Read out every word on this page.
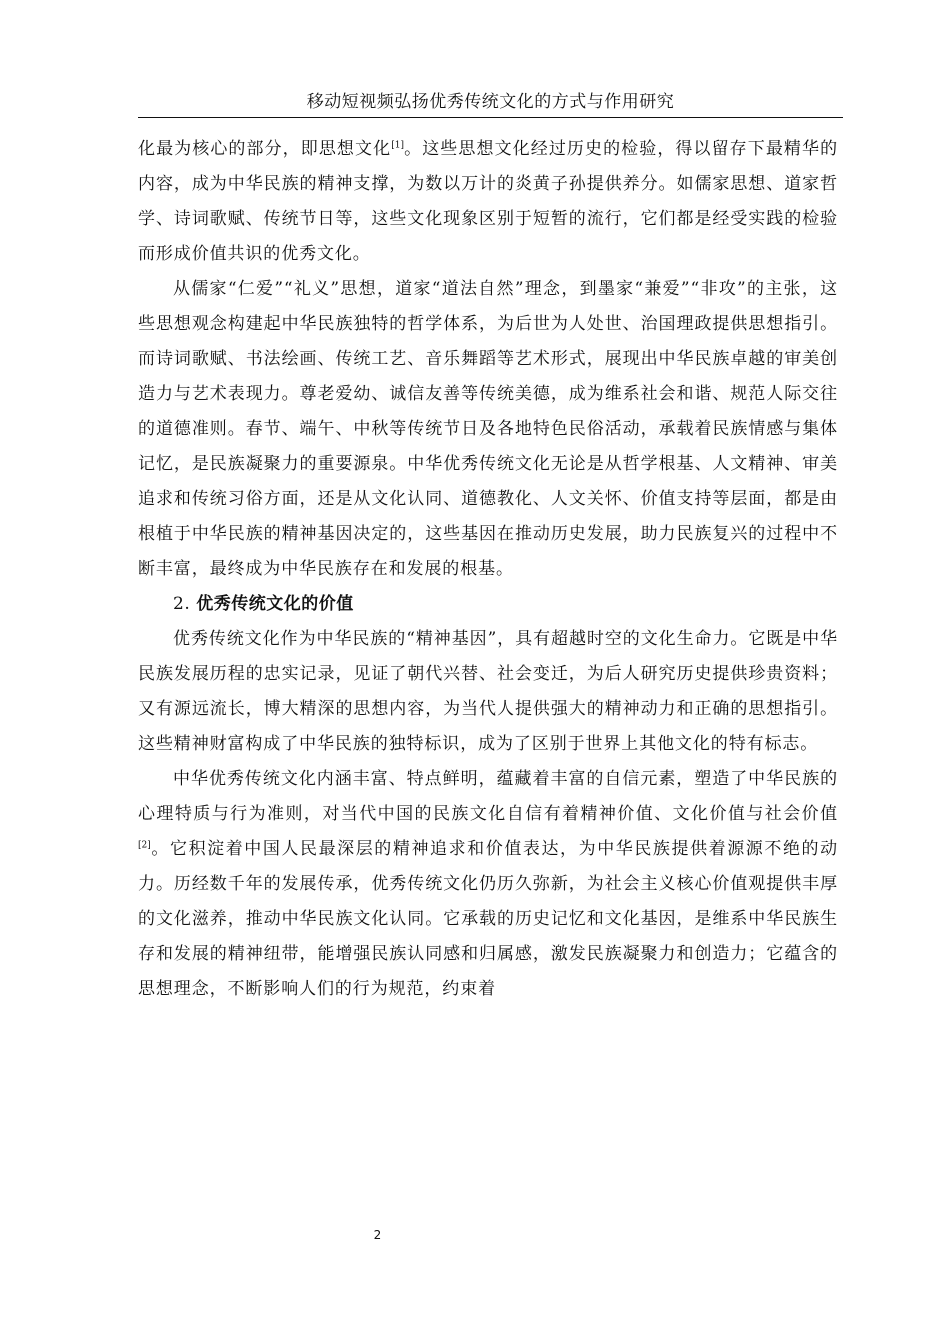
移动短视频弘扬优秀传统文化的方式与作用研究

化最为核心的部分，即思想文化[1]。这些思想文化经过历史的检验，得以留存下最精华的内容，成为中华民族的精神支撑，为数以万计的炎黄子孙提供养分。如儒家思想、道家哲学、诗词歌赋、传统节日等，这些文化现象区别于短暂的流行，它们都是经受实践的检验而形成价值共识的优秀文化。

从儒家“仁爱”“礼义”思想，道家“道法自然”理念，到墨家“兼爱”“非攻”的主张，这些思想观念构建起中华民族独特的哲学体系，为后世为人处世、治国理政提供思想指引。而诗词歌赋、书法绘画、传统工艺、音乐舞蹈等艺术形式，展现出中华民族卓越的审美创造力与艺术表现力。尊老爱幼、诚信友善等传统美德，成为维系社会和谐、规范人际交往的道德准则。春节、端午、中秋等传统节日及各地特色民俗活动，承载着民族情感与集体记忆，是民族凝聚力的重要源泉。中华优秀传统文化无论是从哲学根基、人文精神、审美追求和传统习俗方面，还是从文化认同、道德教化、人文关怀、价值支持等层面，都是由根植于中华民族的精神基因决定的，这些基因在推动历史发展，助力民族复兴的过程中不断丰富，最终成为中华民族存在和发展的根基。

2. 优秀传统文化的价值

优秀传统文化作为中华民族的“精神基因”，具有超越时空的文化生命力。它既是中华民族发展历程的忠实记录，见证了朝代兴替、社会变迁，为后人研究历史提供珍贵资料；又有源远流长，博大精深的思想内容，为当代人提供强大的精神动力和正确的思想指引。这些精神财富构成了中华民族的独特标识，成为了区别于世界上其他文化的特有标志。

中华优秀传统文化内涵丰富、特点鲜明，蕴藏着丰富的自信元素，塑造了中华民族的心理特质与行为准则，对当代中国的民族文化自信有着精神价值、文化价值与社会价值[2]。它积淀着中国人民最深层的精神追求和价值表达，为中华民族提供着源源不绝的动力。历经数千年的发展传承，优秀传统文化仍历久弥新，为社会主义核心价值观提供丰厚的文化滋养，推动中华民族文化认同。它承载的历史记忆和文化基因，是维系中华民族生存和发展的精神纽带，能增强民族认同感和归属感，激发民族凝聚力和创造力；它蕴含的思想理念，不断影响人们的行为规范，约束着

2
